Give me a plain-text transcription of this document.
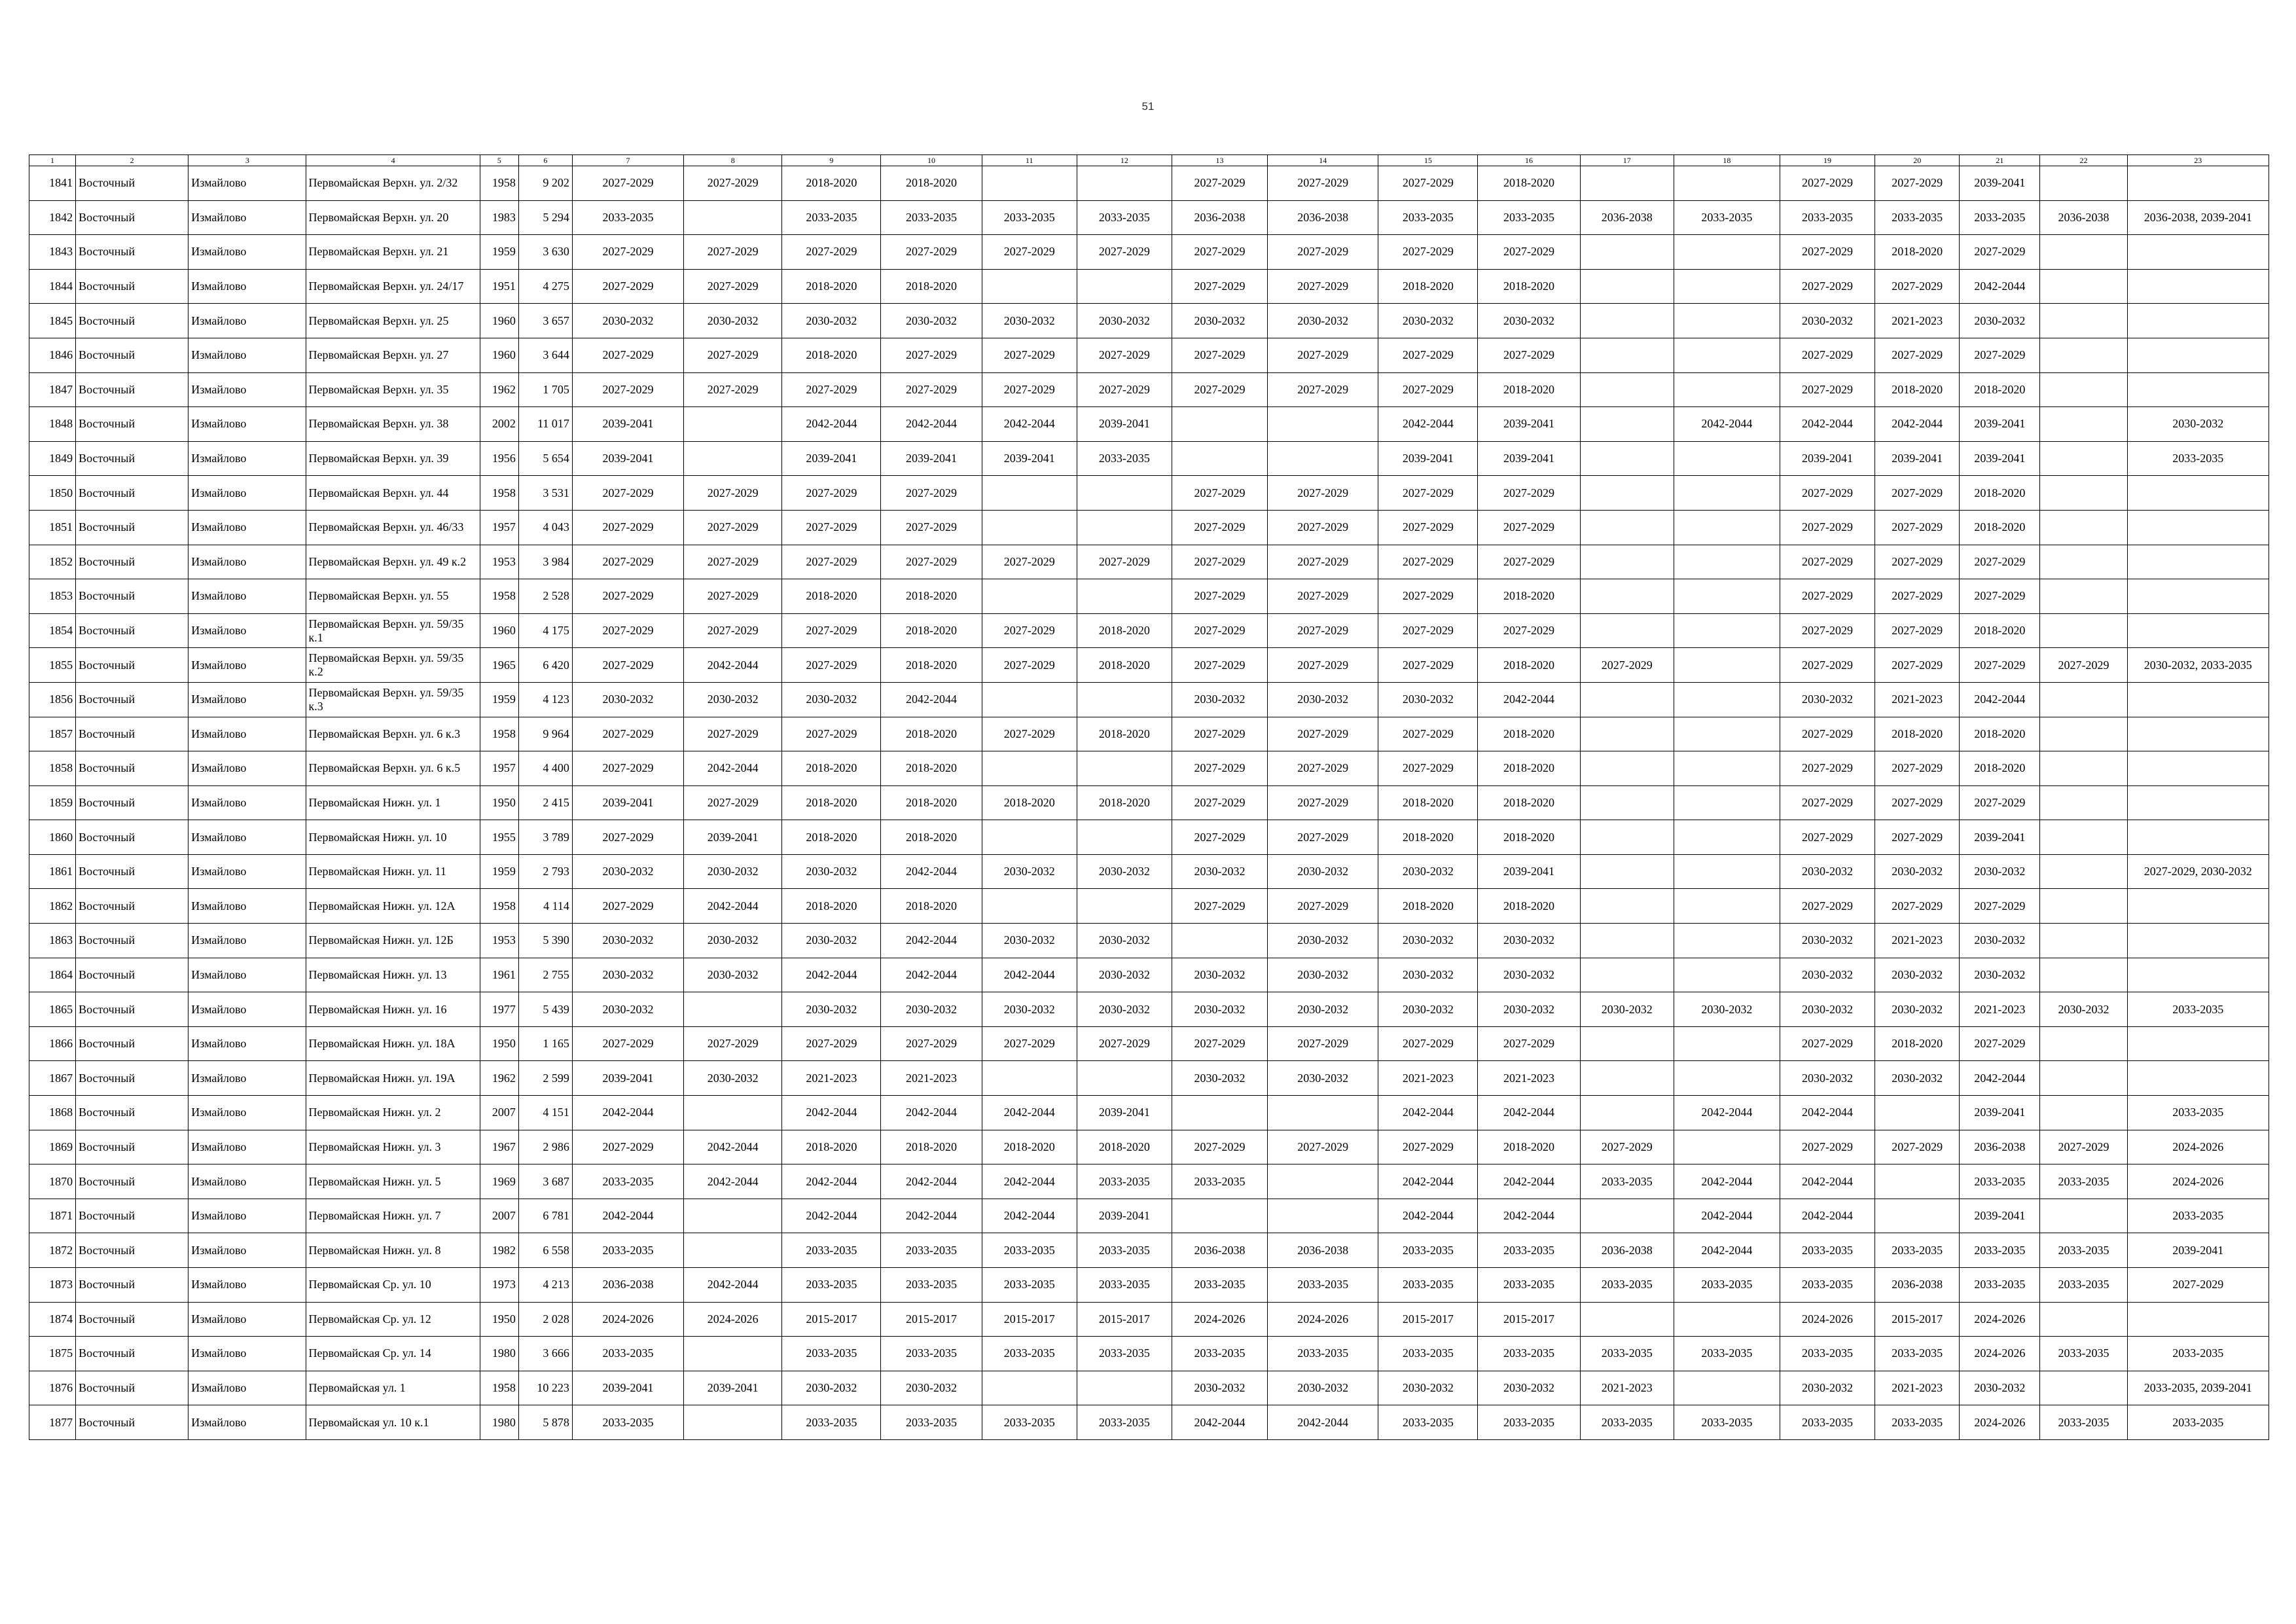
51
1	2	3	4	5	6	7	8	9	10	11	12	13	14	15	16	17	18	19	20	21	22	23
1841	Восточный	Измайлово	Первомайская Верхн. ул. 2/32	1958	9 202	2027-2029	2027-2029	2018-2020	2018-2020			2027-2029	2027-2029	2027-2029	2018-2020			2027-2029	2027-2029	2039-2041		
1842	Восточный	Измайлово	Первомайская Верхн. ул. 20	1983	5 294	2033-2035		2033-2035	2033-2035	2033-2035	2033-2035	2036-2038	2036-2038	2033-2035	2033-2035	2036-2038	2033-2035	2033-2035	2033-2035	2033-2035	2036-2038	2036-2038, 2039-2041
1843	Восточный	Измайлово	Первомайская Верхн. ул. 21	1959	3 630	2027-2029	2027-2029	2027-2029	2027-2029	2027-2029	2027-2029	2027-2029	2027-2029	2027-2029	2027-2029			2027-2029	2018-2020	2027-2029		
1844	Восточный	Измайлово	Первомайская Верхн. ул. 24/17	1951	4 275	2027-2029	2027-2029	2018-2020	2018-2020			2027-2029	2027-2029	2018-2020	2018-2020			2027-2029	2027-2029	2042-2044		
1845	Восточный	Измайлово	Первомайская Верхн. ул. 25	1960	3 657	2030-2032	2030-2032	2030-2032	2030-2032	2030-2032	2030-2032	2030-2032	2030-2032	2030-2032	2030-2032			2030-2032	2021-2023	2030-2032		
1846	Восточный	Измайлово	Первомайская Верхн. ул. 27	1960	3 644	2027-2029	2027-2029	2018-2020	2027-2029	2027-2029	2027-2029	2027-2029	2027-2029	2027-2029	2027-2029			2027-2029	2027-2029	2027-2029		
1847	Восточный	Измайлово	Первомайская Верхн. ул. 35	1962	1 705	2027-2029	2027-2029	2027-2029	2027-2029	2027-2029	2027-2029	2027-2029	2027-2029	2027-2029	2018-2020			2027-2029	2018-2020	2018-2020		
1848	Восточный	Измайлово	Первомайская Верхн. ул. 38	2002	11 017	2039-2041		2042-2044	2042-2044	2042-2044	2039-2041			2042-2044	2039-2041		2042-2044	2042-2044	2042-2044	2039-2041		2030-2032
1849	Восточный	Измайлово	Первомайская Верхн. ул. 39	1956	5 654	2039-2041		2039-2041	2039-2041	2039-2041	2033-2035			2039-2041	2039-2041			2039-2041	2039-2041	2039-2041		2033-2035
1850	Восточный	Измайлово	Первомайская Верхн. ул. 44	1958	3 531	2027-2029	2027-2029	2027-2029	2027-2029			2027-2029	2027-2029	2027-2029	2027-2029			2027-2029	2027-2029	2018-2020		
1851	Восточный	Измайлово	Первомайская Верхн. ул. 46/33	1957	4 043	2027-2029	2027-2029	2027-2029	2027-2029			2027-2029	2027-2029	2027-2029	2027-2029			2027-2029	2027-2029	2018-2020		
1852	Восточный	Измайлово	Первомайская Верхн. ул. 49 к.2	1953	3 984	2027-2029	2027-2029	2027-2029	2027-2029	2027-2029	2027-2029	2027-2029	2027-2029	2027-2029	2027-2029			2027-2029	2027-2029	2027-2029		
1853	Восточный	Измайлово	Первомайская Верхн. ул. 55	1958	2 528	2027-2029	2027-2029	2018-2020	2018-2020			2027-2029	2027-2029	2027-2029	2018-2020			2027-2029	2027-2029	2027-2029		
1854	Восточный	Измайлово	Первомайская Верхн. ул. 59/35 к.1	1960	4 175	2027-2029	2027-2029	2027-2029	2018-2020	2027-2029	2018-2020	2027-2029	2027-2029	2027-2029	2027-2029			2027-2029	2027-2029	2018-2020		
1855	Восточный	Измайлово	Первомайская Верхн. ул. 59/35 к.2	1965	6 420	2027-2029	2042-2044	2027-2029	2018-2020	2027-2029	2018-2020	2027-2029	2027-2029	2027-2029	2018-2020	2027-2029		2027-2029	2027-2029	2027-2029	2027-2029	2030-2032, 2033-2035
1856	Восточный	Измайлово	Первомайская Верхн. ул. 59/35 к.3	1959	4 123	2030-2032	2030-2032	2030-2032	2042-2044			2030-2032	2030-2032	2030-2032	2042-2044			2030-2032	2021-2023	2042-2044		
1857	Восточный	Измайлово	Первомайская Верхн. ул. 6 к.3	1958	9 964	2027-2029	2027-2029	2027-2029	2018-2020	2027-2029	2018-2020	2027-2029	2027-2029	2027-2029	2018-2020			2027-2029	2018-2020	2018-2020		
1858	Восточный	Измайлово	Первомайская Верхн. ул. 6 к.5	1957	4 400	2027-2029	2042-2044	2018-2020	2018-2020			2027-2029	2027-2029	2027-2029	2018-2020			2027-2029	2027-2029	2018-2020		
1859	Восточный	Измайлово	Первомайская Нижн. ул. 1	1950	2 415	2039-2041	2027-2029	2018-2020	2018-2020	2018-2020	2018-2020	2027-2029	2027-2029	2018-2020	2018-2020			2027-2029	2027-2029	2027-2029		
1860	Восточный	Измайлово	Первомайская Нижн. ул. 10	1955	3 789	2027-2029	2039-2041	2018-2020	2018-2020			2027-2029	2027-2029	2018-2020	2018-2020			2027-2029	2027-2029	2039-2041		
1861	Восточный	Измайлово	Первомайская Нижн. ул. 11	1959	2 793	2030-2032	2030-2032	2030-2032	2042-2044	2030-2032	2030-2032	2030-2032	2030-2032	2030-2032	2039-2041			2030-2032	2030-2032	2030-2032		2027-2029, 2030-2032
1862	Восточный	Измайлово	Первомайская Нижн. ул. 12А	1958	4 114	2027-2029	2042-2044	2018-2020	2018-2020			2027-2029	2027-2029	2018-2020	2018-2020			2027-2029	2027-2029	2027-2029		
1863	Восточный	Измайлово	Первомайская Нижн. ул. 12Б	1953	5 390	2030-2032	2030-2032	2030-2032	2042-2044	2030-2032	2030-2032		2030-2032	2030-2032	2030-2032			2030-2032	2021-2023	2030-2032		
1864	Восточный	Измайлово	Первомайская Нижн. ул. 13	1961	2 755	2030-2032	2030-2032	2042-2044	2042-2044	2042-2044	2030-2032	2030-2032	2030-2032	2030-2032	2030-2032			2030-2032	2030-2032	2030-2032		
1865	Восточный	Измайлово	Первомайская Нижн. ул. 16	1977	5 439	2030-2032		2030-2032	2030-2032	2030-2032	2030-2032	2030-2032	2030-2032	2030-2032	2030-2032	2030-2032	2030-2032	2030-2032	2030-2032	2021-2023	2030-2032	2033-2035
1866	Восточный	Измайлово	Первомайская Нижн. ул. 18А	1950	1 165	2027-2029	2027-2029	2027-2029	2027-2029	2027-2029	2027-2029	2027-2029	2027-2029	2027-2029	2027-2029			2027-2029	2018-2020	2027-2029		
1867	Восточный	Измайлово	Первомайская Нижн. ул. 19А	1962	2 599	2039-2041	2030-2032	2021-2023	2021-2023			2030-2032	2030-2032	2021-2023	2021-2023			2030-2032	2030-2032	2042-2044		
1868	Восточный	Измайлово	Первомайская Нижн. ул. 2	2007	4 151	2042-2044		2042-2044	2042-2044	2042-2044	2039-2041			2042-2044	2042-2044		2042-2044	2042-2044		2039-2041		2033-2035
1869	Восточный	Измайлово	Первомайская Нижн. ул. 3	1967	2 986	2027-2029	2042-2044	2018-2020	2018-2020	2018-2020	2018-2020	2027-2029	2027-2029	2027-2029	2018-2020	2027-2029		2027-2029	2027-2029	2036-2038	2027-2029	2024-2026
1870	Восточный	Измайлово	Первомайская Нижн. ул. 5	1969	3 687	2033-2035	2042-2044	2042-2044	2042-2044	2042-2044	2033-2035	2033-2035		2042-2044	2042-2044	2033-2035	2042-2044	2042-2044		2033-2035	2033-2035	2024-2026
1871	Восточный	Измайлово	Первомайская Нижн. ул. 7	2007	6 781	2042-2044		2042-2044	2042-2044	2042-2044	2039-2041			2042-2044	2042-2044		2042-2044	2042-2044		2039-2041		2033-2035
1872	Восточный	Измайлово	Первомайская Нижн. ул. 8	1982	6 558	2033-2035		2033-2035	2033-2035	2033-2035	2033-2035	2036-2038	2036-2038	2033-2035	2033-2035	2036-2038	2042-2044	2033-2035	2033-2035	2033-2035	2033-2035	2039-2041
1873	Восточный	Измайлово	Первомайская Ср. ул. 10	1973	4 213	2036-2038	2042-2044	2033-2035	2033-2035	2033-2035	2033-2035	2033-2035	2033-2035	2033-2035	2033-2035	2033-2035	2033-2035	2033-2035	2036-2038	2033-2035	2033-2035	2027-2029
1874	Восточный	Измайлово	Первомайская Ср. ул. 12	1950	2 028	2024-2026	2024-2026	2015-2017	2015-2017	2015-2017	2015-2017	2024-2026	2024-2026	2015-2017	2015-2017			2024-2026	2015-2017	2024-2026		
1875	Восточный	Измайлово	Первомайская Ср. ул. 14	1980	3 666	2033-2035		2033-2035	2033-2035	2033-2035	2033-2035	2033-2035	2033-2035	2033-2035	2033-2035	2033-2035	2033-2035	2033-2035	2033-2035	2024-2026	2033-2035	2033-2035
1876	Восточный	Измайлово	Первомайская ул. 1	1958	10 223	2039-2041	2039-2041	2030-2032	2030-2032			2030-2032	2030-2032	2030-2032	2030-2032	2021-2023		2030-2032	2021-2023	2030-2032		2033-2035, 2039-2041
1877	Восточный	Измайлово	Первомайская ул. 10 к.1	1980	5 878	2033-2035		2033-2035	2033-2035	2033-2035	2033-2035	2042-2044	2042-2044	2033-2035	2033-2035	2033-2035	2033-2035	2033-2035	2033-2035	2024-2026	2033-2035	2033-2035
